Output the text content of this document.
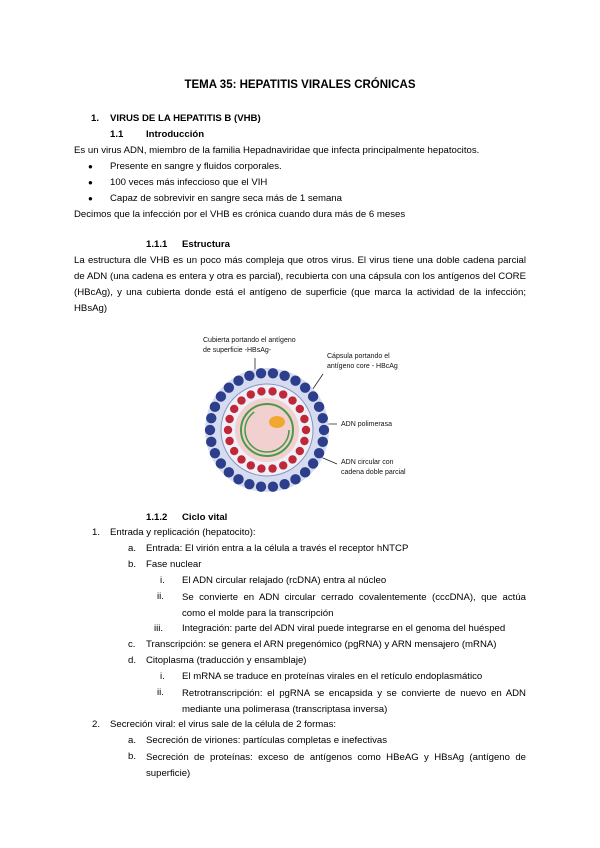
TEMA 35: HEPATITIS VIRALES CRÓNICAS
1. VIRUS DE LA HEPATITIS B (VHB)
1.1 Introducción
Es un virus ADN, miembro de la familia Hepadnaviridae que infecta principalmente hepatocitos.
● Presente en sangre y fluidos corporales.
● 100 veces más infeccioso que el VIH
● Capaz de sobrevivir en sangre seca más de 1 semana
Decimos que la infección por el VHB es crónica cuando dura más de 6 meses
1.1.1 Estructura
La estructura dle VHB es un poco más compleja que otros virus. El virus tiene una doble cadena parcial de ADN (una cadena es entera y otra es parcial), recubierta con una cápsula con los antígenos del CORE (HBcAg), y una cubierta donde está el antígeno de superficie (que marca la actividad de la infección; HBsAg)
Cubierta portando el antígeno
de superficie -HBsAg-
Cápsula portando el
antígeno core - HBcAg
ADN polimerasa
ADN circular con
cadena doble parcial
1.1.2 Ciclo vital
1. Entrada y replicación (hepatocito):
a. Entrada: El virión entra a la célula a través el receptor hNTCP
b. Fase nuclear
i. El ADN circular relajado (rcDNA) entra al núcleo
ii. Se convierte en ADN circular cerrado covalentemente (cccDNA), que actúa como el molde para la transcripción
iii. Integración: parte del ADN viral puede integrarse en el genoma del huésped
c. Transcripción: se genera el ARN pregenómico (pgRNA) y ARN mensajero (mRNA)
d. Citoplasma (traducción y ensamblaje)
i. El mRNA se traduce en proteínas virales en el retículo endoplasmático
ii. Retrotranscripción: el pgRNA se encapsida y se convierte de nuevo en ADN mediante una polimerasa (transcriptasa inversa)
2. Secreción viral: el virus sale de la célula de 2 formas:
a. Secreción de viriones: partículas completas e inefectivas
b. Secreción de proteínas: exceso de antígenos como HBeAG y HBsAg (antígeno de superficie)
